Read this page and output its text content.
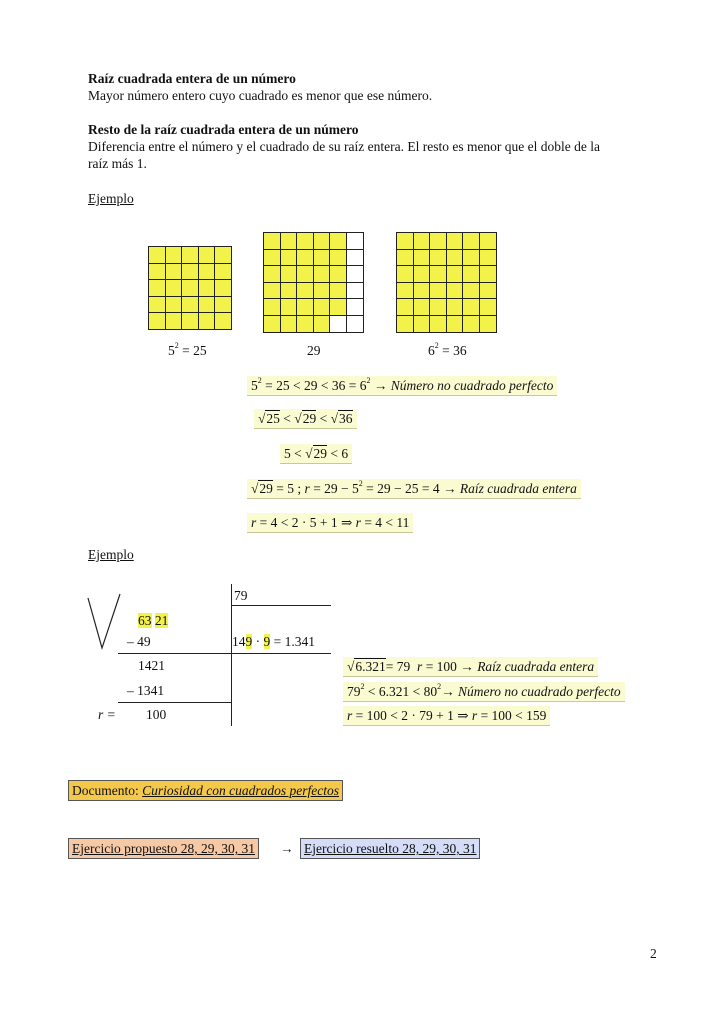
Raíz cuadrada entera de un número
Mayor número entero cuyo cuadrado es menor que ese número.
Resto de la raíz cuadrada entera de un número
Diferencia entre el número y el cuadrado de su raíz entera. El resto es menor que el doble de la
raíz más 1.
Ejemplo
$5^2 = 25$	29	$6^2 = 36$
$5^2 = 25 < 29 < 36 = 6^2$ → Número no cuadrado perfecto
√ 25 < √ 29 < √ 36
5 < √ 29 < 6
√ 29 = 5 ; $r = 29 - 5^2 = 29 - 25 = 4$ → Raíz cuadrada entera
r = 4 < 2 · 5 + 1 ⇒ r = 4 < 11
Ejemplo
79
63 21
– 49	149 · 9 = 1.341
1421
– 1341
r = 100
√ 6.321= 79 r = 100 → Raíz cuadrada entera
$79^2 < 6.321 < 80^2\to$ Número no cuadrado perfecto
r = 100 < 2 · 79 + 1 ⇒ r = 100 < 159
Documento: Curiosidad con cuadrados perfectos
Ejercicio propuesto 28, 29, 30, 31 → Ejercicio resuelto 28, 29, 30, 31
2
